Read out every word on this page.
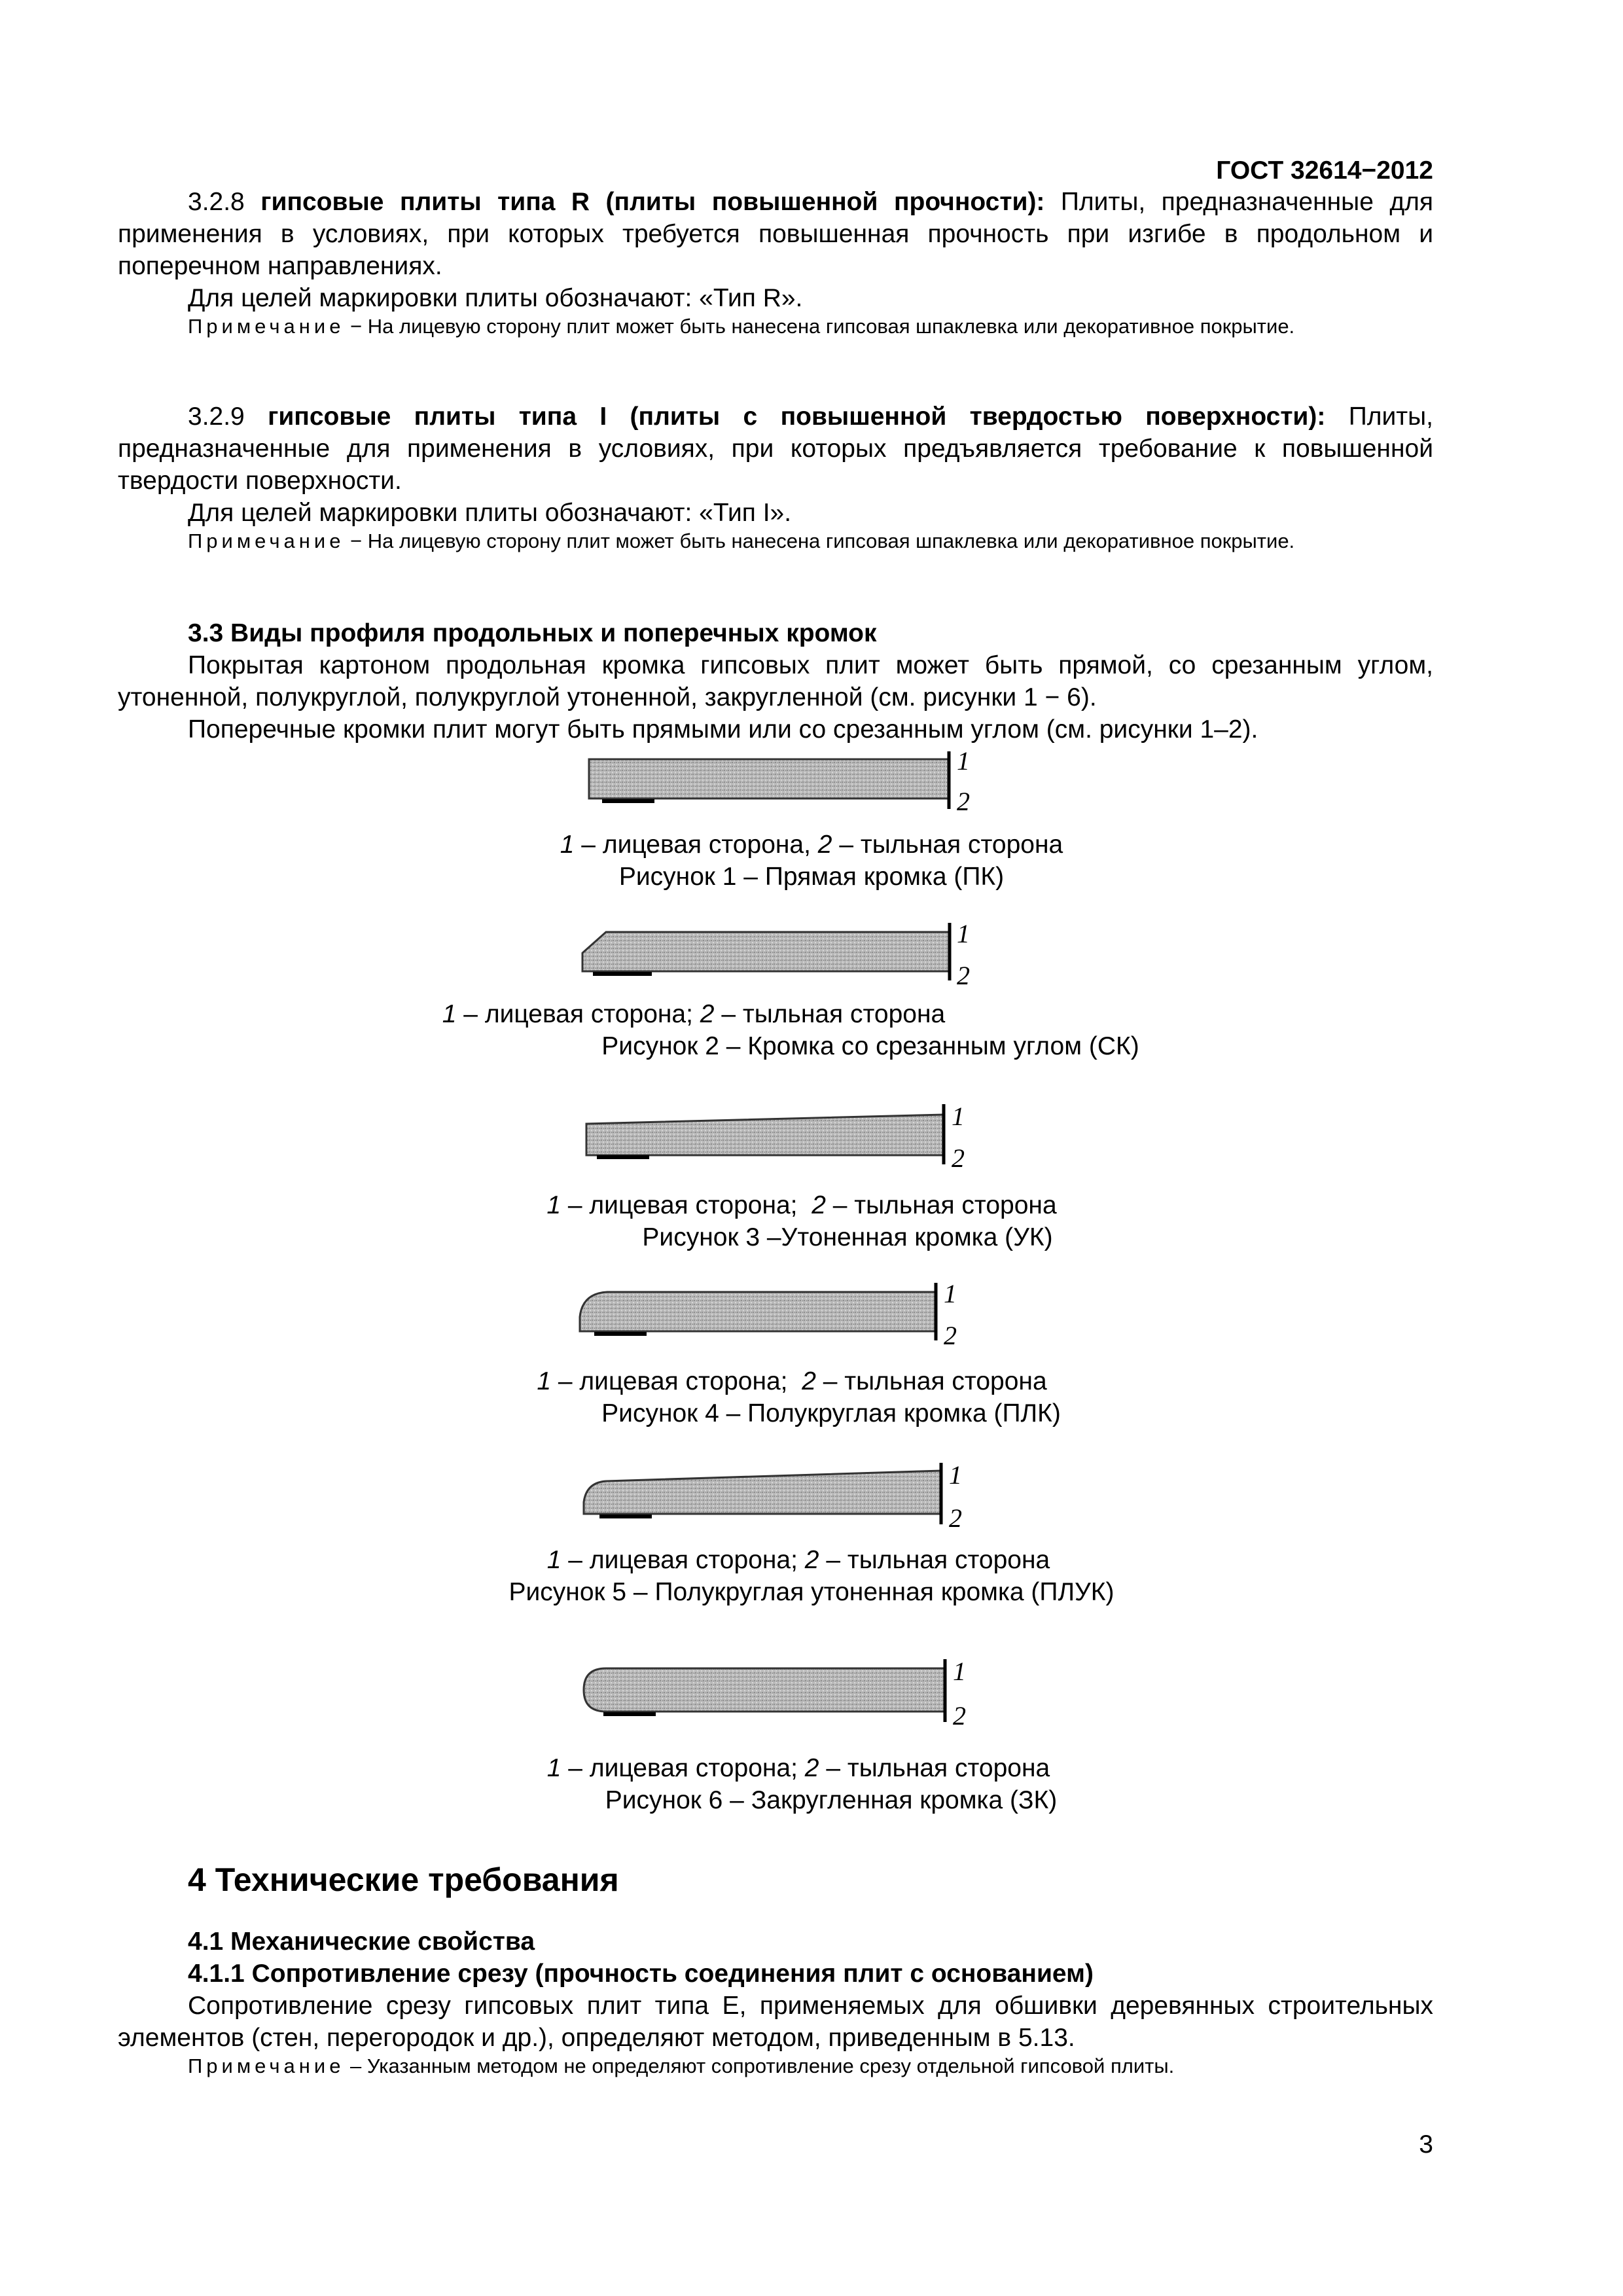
ГОСТ 32614−2012

3.2.8 гипсовые плиты типа R (плиты повышенной прочности): Плиты, предназначенные для применения в условиях, при которых требуется повышенная прочность при изгибе в продольном и поперечном направлениях.

Для целей маркировки плиты обозначают: «Тип R».

Примечание − На лицевую сторону плит может быть нанесена гипсовая шпаклевка или декоративное покрытие.

3.2.9 гипсовые плиты типа I (плиты с повышенной твердостью поверхности): Плиты, предназначенные для применения в условиях, при которых предъявляется требование к повышенной твердости поверхности.

Для целей маркировки плиты обозначают: «Тип I».

Примечание − На лицевую сторону плит может быть нанесена гипсовая шпаклевка или декоративное покрытие.

3.3 Виды профиля продольных и поперечных кромок

Покрытая картоном продольная кромка гипсовых плит может быть прямой, со срезанным углом, утоненной, полукруглой, полукруглой утоненной, закругленной (см. рисунки 1 − 6).

Поперечные кромки плит могут быть прямыми или со срезанным углом (см. рисунки 1–2).

1
2
1 – лицевая сторона, 2 – тыльная сторона
Рисунок 1 – Прямая кромка (ПК)
1
2
1 – лицевая сторона; 2 – тыльная сторона
Рисунок 2 – Кромка со срезанным углом (СК)
1
2
1 – лицевая сторона;  2 – тыльная сторона
Рисунок 3 –Утоненная кромка (УК)
1
2
1 – лицевая сторона;  2 – тыльная сторона
Рисунок 4 – Полукруглая кромка (ПЛК)
1
2
1 – лицевая сторона; 2 – тыльная сторона
Рисунок 5 – Полукруглая утоненная кромка (ПЛУК)
1
2
1 – лицевая сторона; 2 – тыльная сторона
Рисунок 6 – Закругленная кромка (ЗК)
4 Технические требования

4.1 Механические свойства

4.1.1 Сопротивление срезу (прочность соединения плит с основанием)

Сопротивление срезу гипсовых плит типа Е, применяемых для обшивки деревянных строительных элементов (стен, перегородок и др.), определяют методом, приведенным в 5.13.

Примечание – Указанным методом не определяют сопротивление срезу отдельной гипсовой плиты.

3
